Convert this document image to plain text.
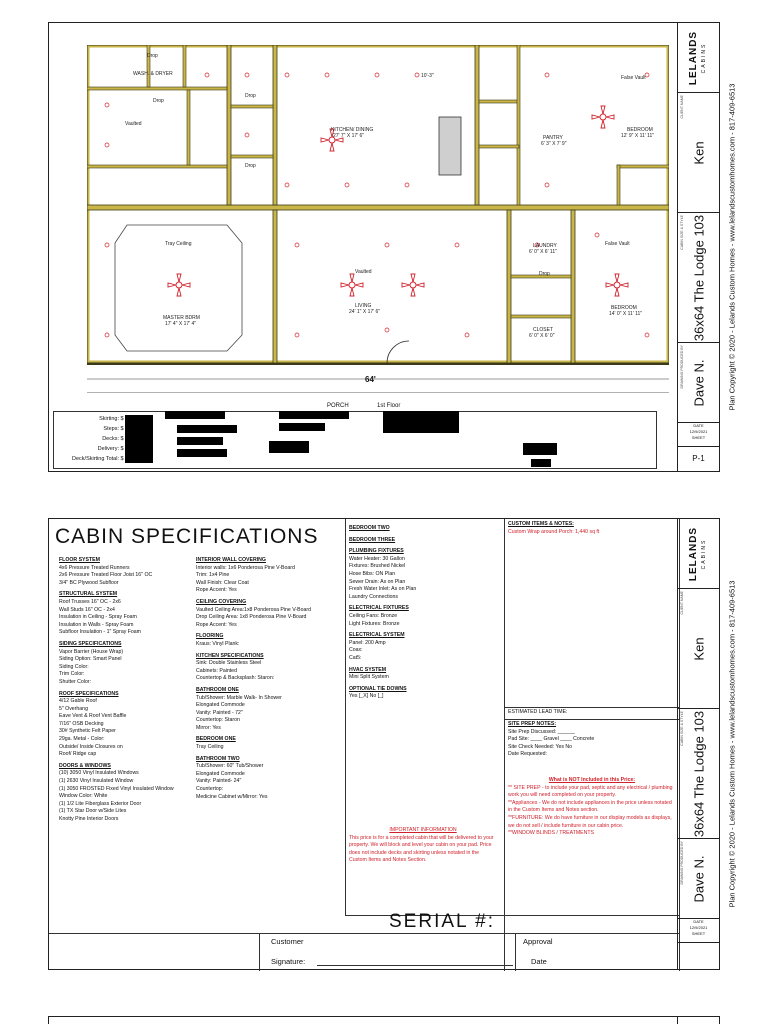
Drop
WASH. & DRYER
Drop
Vaulted
Drop
Drop
KITCHEN/ DINING
27' 7" X 17' 6"	PANTRY
6' 3" X 7' 9"
False Vault
BEDROOM
12' 9" X 11' 11"
Tray Ceiling
MASTER BDRM
17' 4" X 17' 4"
Vaulted
LIVING
24' 1" X 17' 6"
LAUNDRY
6' 0" X 6' 11"
Drop
False Vault
BEDROOM
14' 0" X 11' 11"
CLOSET
6' 0" X 6' 0"
64'
10'-3"
1st Floor
PORCH
Skirting: $
Steps: $
Decks: $
Delivery: $
Deck/Skirting Total: $
LELANDS CABINS
CLIENT NAME
Ken
CABIN SIZE & STYLE 36x64 The Lodge 103
DRAWING PRODUCED BY Dave N.
DATE
12/9/2021
SHEET
P-1
Plan Copyright © 2020 - Lelands Custom Homes - www.lelandscustomhomes.com - 817-409-6513
CABIN SPECIFICATIONS
FLOOR SYSTEM
4x6 Pressure Treated Runners
2x6 Pressure Treated Floor Joist 16" OC
3/4" BC Plywood Subfloor
STRUCTURAL SYSTEM
Roof Trusses 16" OC - 2x6
Wall Studs 16" OC - 2x4
Insulation in Ceiling - Spray Foam
Insulation in Walls - Spray Foam
Subfloor Insulation - 1" Spray Foam
SIDING SPECIFICATIONS
Vapor Barrier (House Wrap)
Siding Option: Smart Panel
Siding Color:
Trim Color:
Shutter Color:
ROOF SPECIFICATIONS
4/12 Gable Roof
5" Overhang
Eave Vent & Roof Vent Baffle
7/16" OSB Decking
30# Synthetic Felt Paper
29ga. Metal - Color:
Outside/ Inside Closures on
Roof/ Ridge cap
DOORS & WINDOWS
(10) 3050 Vinyl Insulated Windows
(1) 2630 Vinyl Insulated Window
(1) 3050 FROSTED Fixed Vinyl Insulated Window
Window Color: White
(1) 1/2 Lite Fiberglass Exterior Door
(1) TX Star Door w/Side Lites
Knotty Pine Interior Doors
INTERIOR WALL COVERING
Interior walls: 1x6 Ponderosa Pine V-Board
Trim: 1x4 Pine
Wall Finish: Clear Coat
Rope Accent: Yes
CEILING COVERING
Vaulted Ceiling Area:1x8 Ponderosa Pine V-Board
Drop Ceiling Area: 1x8 Ponderosa Pine V-Board
Rope Accent: Yes
FLOORING
Kraus: Vinyl Plank:
KITCHEN SPECIFICATIONS
Sink: Double Stainless Steel
Cabinets: Painted
Countertop & Backsplash: Staron:
BATHROOM ONE
Tub/Shower: Marble Walk- In Shower
Elongated Commode
Vanity: Painted - 72"
Countertop: Staron
Mirror: Yes
BEDROOM ONE
Tray Ceiling
BATHROOM TWO
Tub/Shower: 60" Tub/Shower
Elongated Commode
Vanity: Painted- 24"
Countertop:
Medicine Cabinet w/Mirror: Yes
BEDROOM TWO
BEDROOM THREE
PLUMBING FIXTURES
Water Heater: 30 Gallon
Fixtures: Brushed Nickel
Hose Bibs: ON Plan
Sewer Drain: As on Plan
Fresh Water Inlet: As on Plan
Laundry Connections
ELECTRICAL FIXTURES
Ceiling Fans: Bronze
Light Fixtures: Bronze
ELECTRICAL SYSTEM
Panel: 200 Amp
Coax:
Cat5:
HVAC SYSTEM
Mini Split System
OPTIONAL TIE DOWNS
Yes [_X] No [_]
IMPORTANT INFORMATION
This price is for a completed cabin that will be delivered to your property. We will block and level your cabin on your pad. Price does not include decks and skirting unless notated in the Custom Items and Notes Section.
CUSTOM ITEMS & NOTES:
Custom Wrap around Porch: 1,440 sq ft
ESTIMATED LEAD TIME:
SITE PREP NOTES:
Site Prep Discussed: ______
Pad Site: ____ Gravel ____ Concrete
Site Check Needed: Yes No
Date Requested:
What is NOT Included in this Price:
** SITE PREP - to include your pad, septic and any electrical / plumbing work you will need completed on your property.
**Appliances - We do not include appliances in the price unless notated in the Custom Items and Notes section.
**FURNITURE: We do have furniture in our display models as displays, we do not sell / include furniture in our cabin price.
**WINDOW BLINDS / TREATMENTS
SERIAL #:
Customer
Signature:
Approval
Date
LELANDS CABINS
CLIENT NAME
Ken
CABIN SIZE & STYLE 36x64 The Lodge 103
DRAWING PRODUCED BY Dave N.
DATE
12/9/2021
SHEET
Plan Copyright © 2020 - Lelands Custom Homes - www.lelandscustomhomes.com - 817-409-6513
